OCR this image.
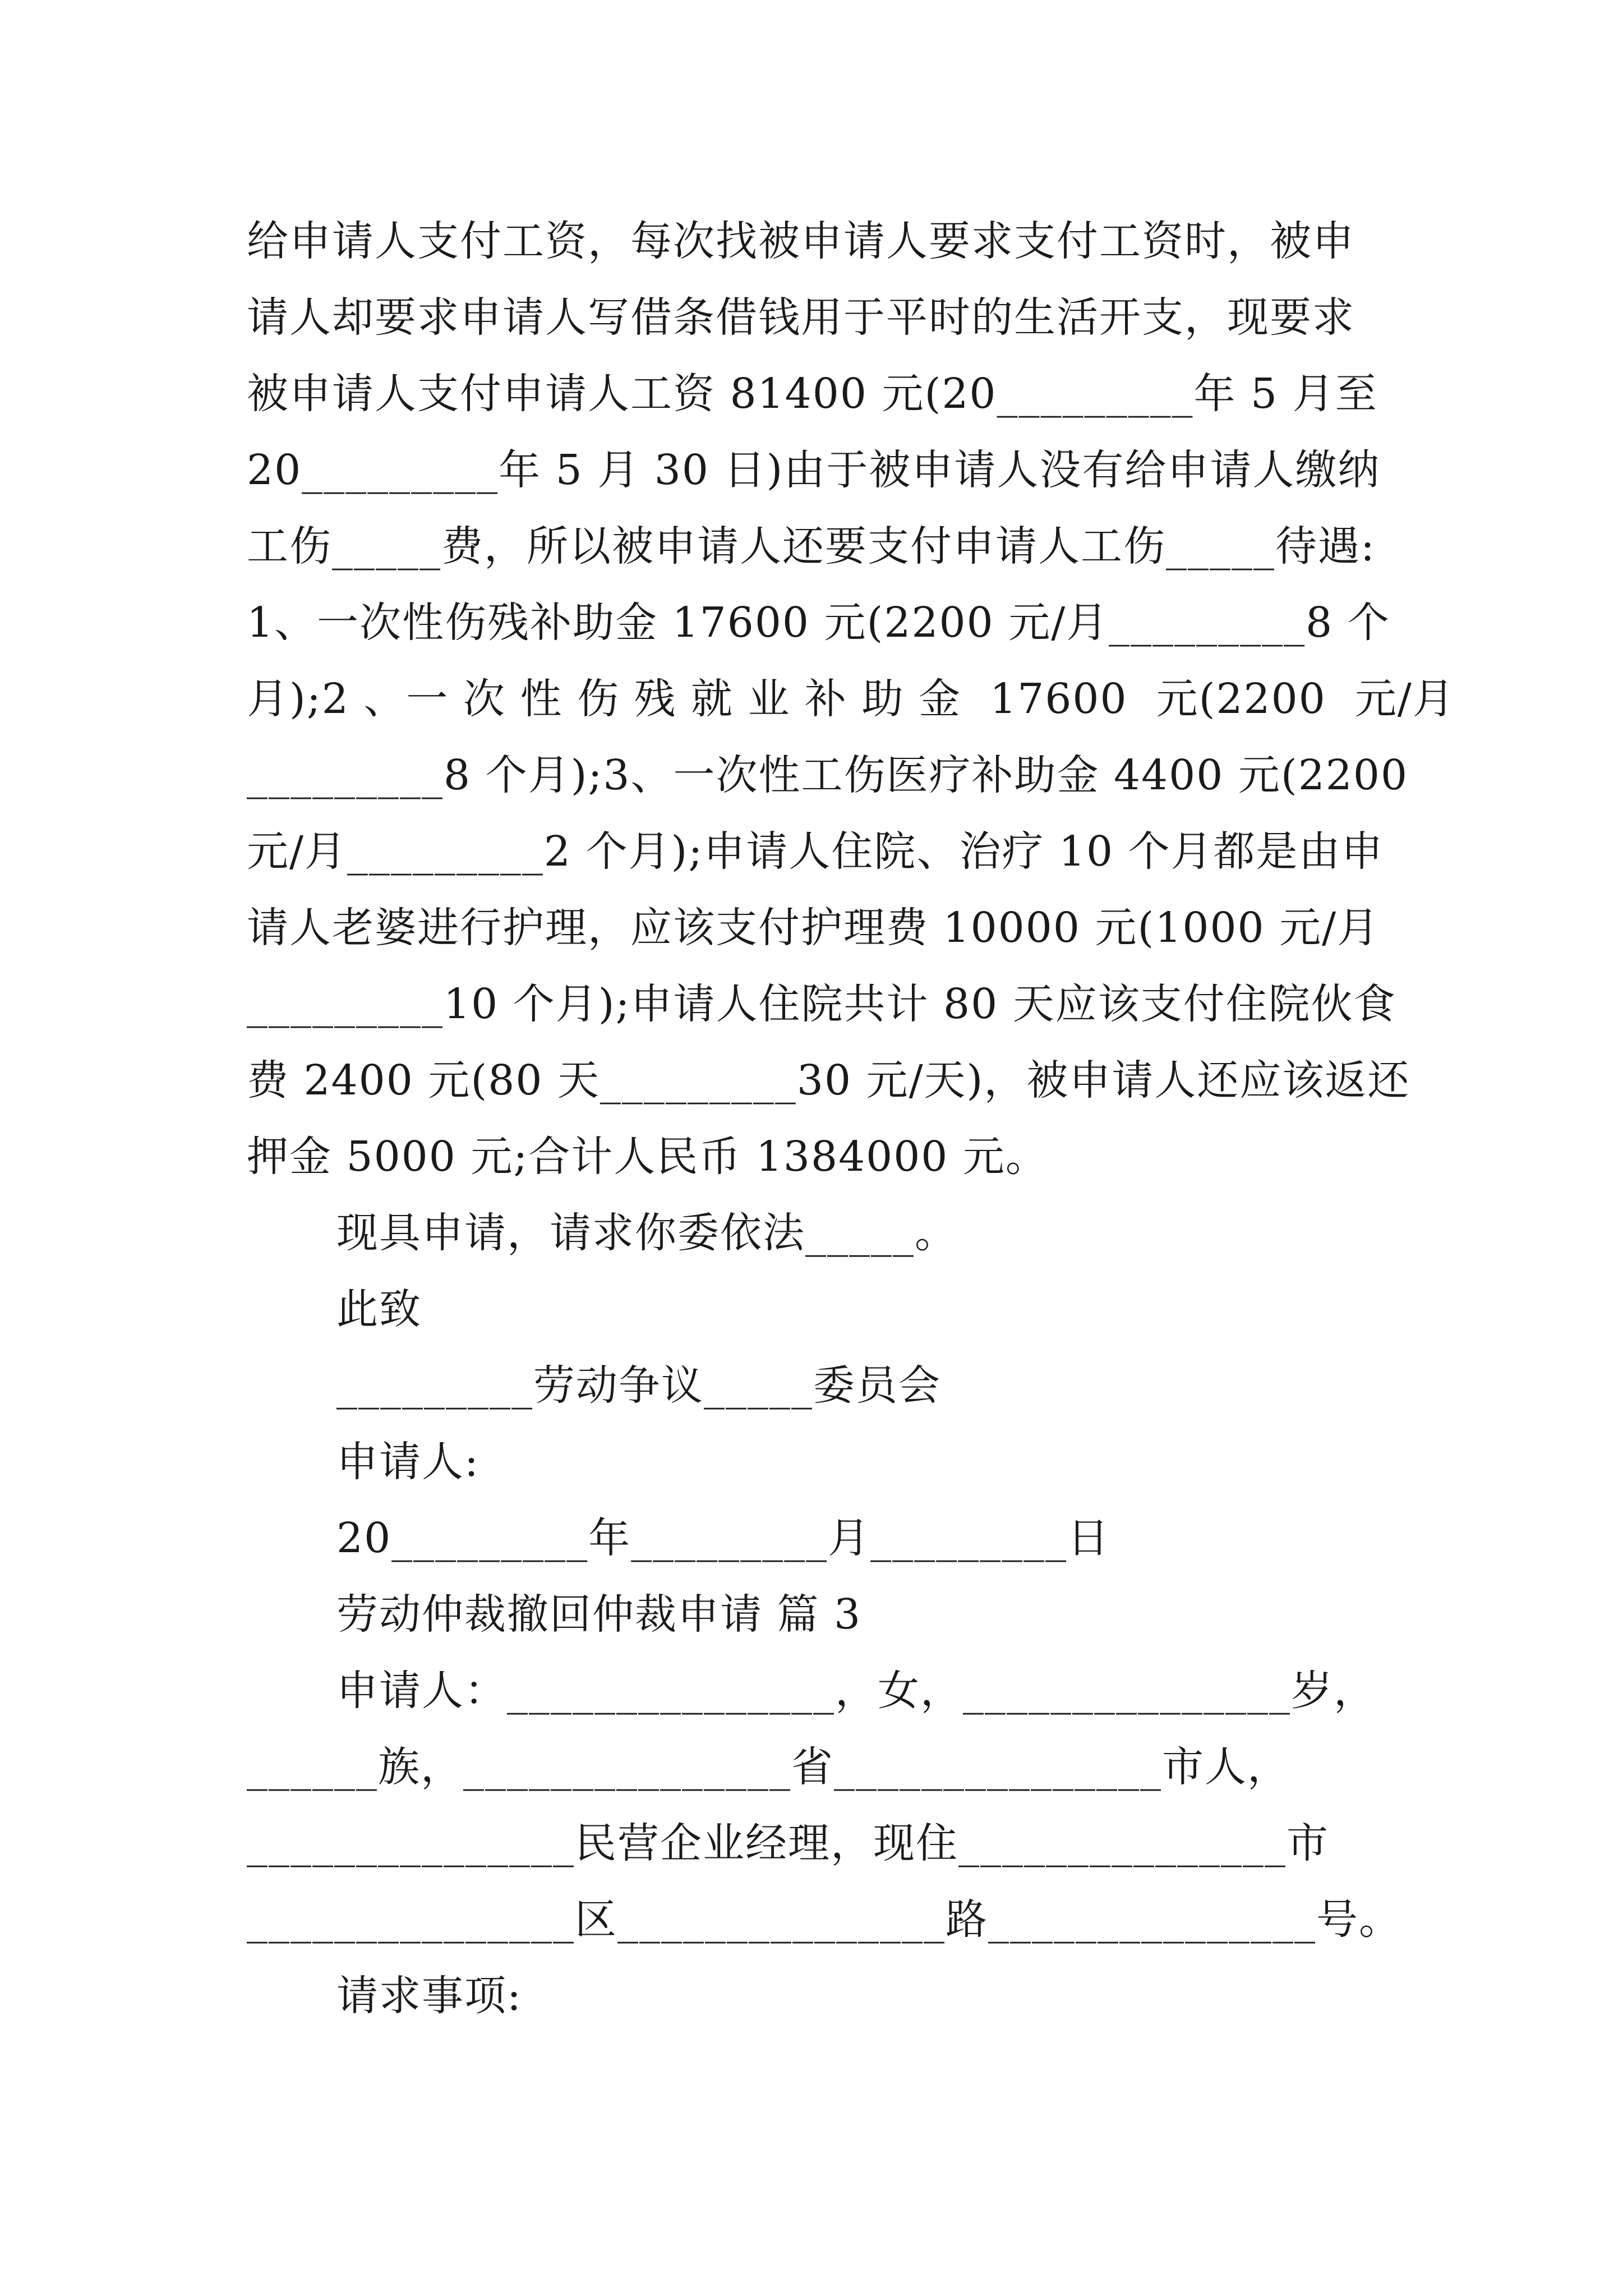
给申请人支付工资，每次找被申请人要求支付工资时，被申
请人却要求申请人写借条借钱用于平时的生活开支，现要求
被申请人支付申请人工资 81400 元(20_________年 5 月至
20_________年 5 月 30 日)由于被申请人没有给申请人缴纳
工伤_____费，所以被申请人还要支付申请人工伤_____待遇:
1、一次性伤残补助金 17600 元(2200 元/月_________8 个
月);2 、一 次 性 伤 残 就 业 补 助 金  17600  元(2200  元/月
_________8 个月);3、一次性工伤医疗补助金 4400 元(2200
元/月_________2 个月);申请人住院、治疗 10 个月都是由申
请人老婆进行护理，应该支付护理费 10000 元(1000 元/月
_________10 个月);申请人住院共计 80 天应该支付住院伙食
费 2400 元(80 天_________30 元/天)，被申请人还应该返还
押金 5000 元;合计人民币 1384000 元。
现具申请，请求你委依法_____。
此致
_________劳动争议_____委员会
申请人:
20_________年_________月_________日
劳动仲裁撤回仲裁申请 篇 3
申请人：_______________，女，_______________岁，
______族，_______________省_______________市人，
_______________民营企业经理，现住_______________市
_______________区_______________路_______________号。
请求事项:
